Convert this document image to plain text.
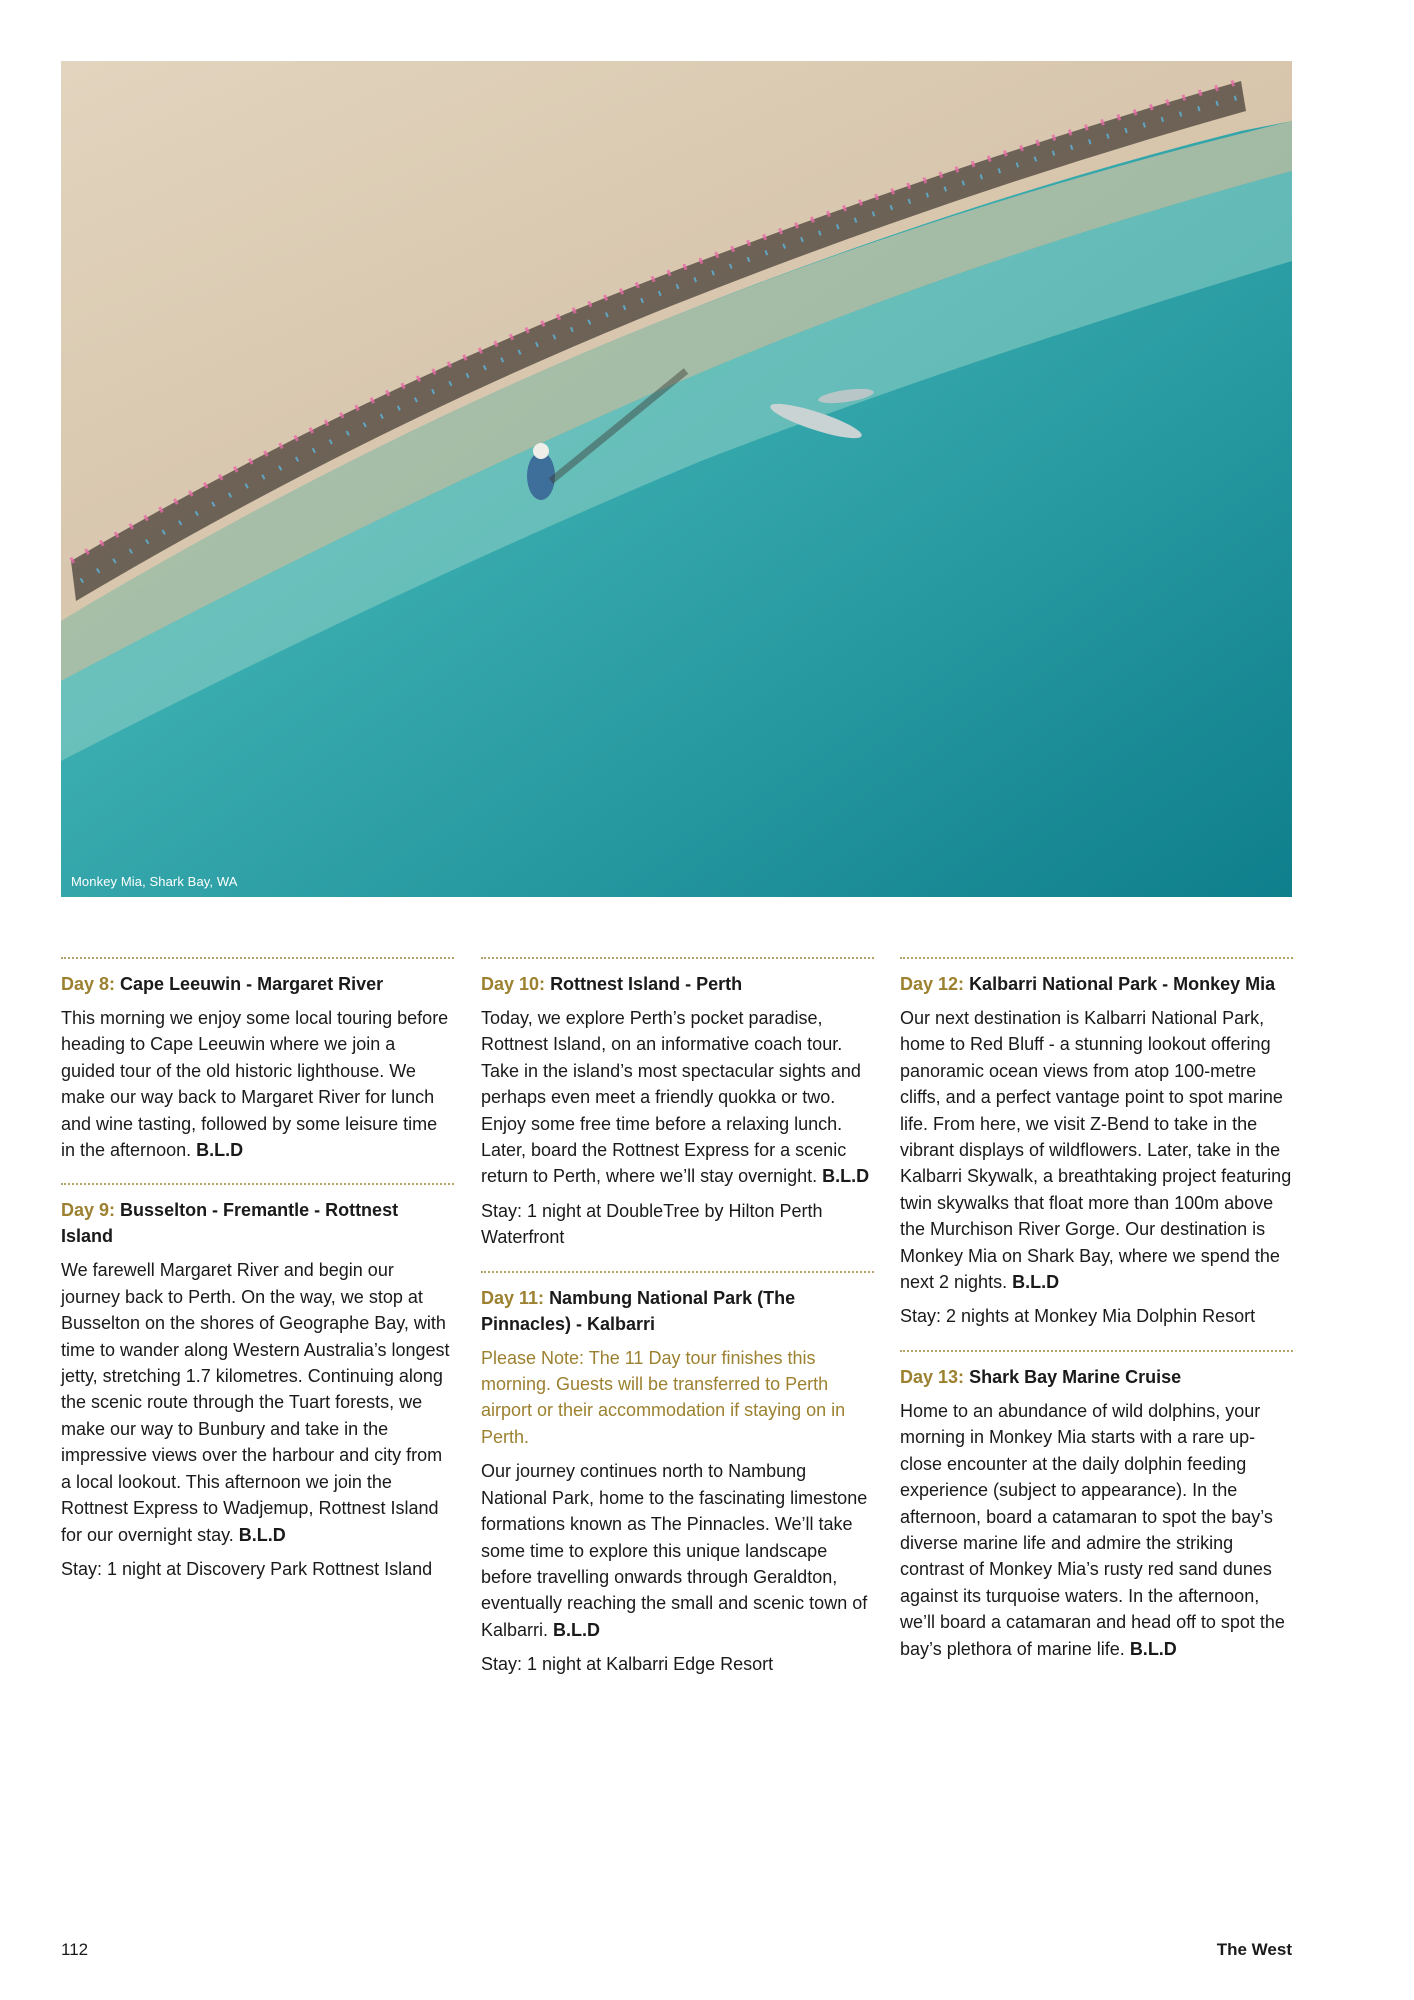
Monkey Mia, Shark Bay, WA
Day 8: Cape Leeuwin - Margaret River

This morning we enjoy some local touring before heading to Cape Leeuwin where we join a guided tour of the old historic lighthouse. We make our way back to Margaret River for lunch and wine tasting, followed by some leisure time in the afternoon. B.L.D

Day 9: Busselton - Fremantle - Rottnest Island

We farewell Margaret River and begin our journey back to Perth. On the way, we stop at Busselton on the shores of Geographe Bay, with time to wander along Western Australia’s longest jetty, stretching 1.7 kilometres. Continuing along the scenic route through the Tuart forests, we make our way to Bunbury and take in the impressive views over the harbour and city from a local lookout. This afternoon we join the Rottnest Express to Wadjemup, Rottnest Island for our overnight stay. B.L.D

Stay: 1 night at Discovery Park Rottnest Island

Day 10: Rottnest Island - Perth

Today, we explore Perth’s pocket paradise, Rottnest Island, on an informative coach tour. Take in the island’s most spectacular sights and perhaps even meet a friendly quokka or two. Enjoy some free time before a relaxing lunch. Later, board the Rottnest Express for a scenic return to Perth, where we’ll stay overnight. B.L.D

Stay: 1 night at DoubleTree by Hilton Perth Waterfront

Day 11: Nambung National Park (The Pinnacles) - Kalbarri

Please Note: The 11 Day tour finishes this morning. Guests will be transferred to Perth airport or their accommodation if staying on in Perth.

Our journey continues north to Nambung National Park, home to the fascinating limestone formations known as The Pinnacles. We’ll take some time to explore this unique landscape before travelling onwards through Geraldton, eventually reaching the small and scenic town of Kalbarri. B.L.D

Stay: 1 night at Kalbarri Edge Resort

Day 12: Kalbarri National Park - Monkey Mia

Our next destination is Kalbarri National Park, home to Red Bluff - a stunning lookout offering panoramic ocean views from atop 100-metre cliffs, and a perfect vantage point to spot marine life. From here, we visit Z-Bend to take in the vibrant displays of wildflowers. Later, take in the Kalbarri Skywalk, a breathtaking project featuring twin skywalks that float more than 100m above the Murchison River Gorge. Our destination is Monkey Mia on Shark Bay, where we spend the next 2 nights. B.L.D

Stay: 2 nights at Monkey Mia Dolphin Resort

Day 13: Shark Bay Marine Cruise

Home to an abundance of wild dolphins, your morning in Monkey Mia starts with a rare up-close encounter at the daily dolphin feeding experience (subject to appearance). In the afternoon, board a catamaran to spot the bay’s diverse marine life and admire the striking contrast of Monkey Mia’s rusty red sand dunes against its turquoise waters. In the afternoon, we’ll board a catamaran and head off to spot the bay’s plethora of marine life. B.L.D

112	The West
